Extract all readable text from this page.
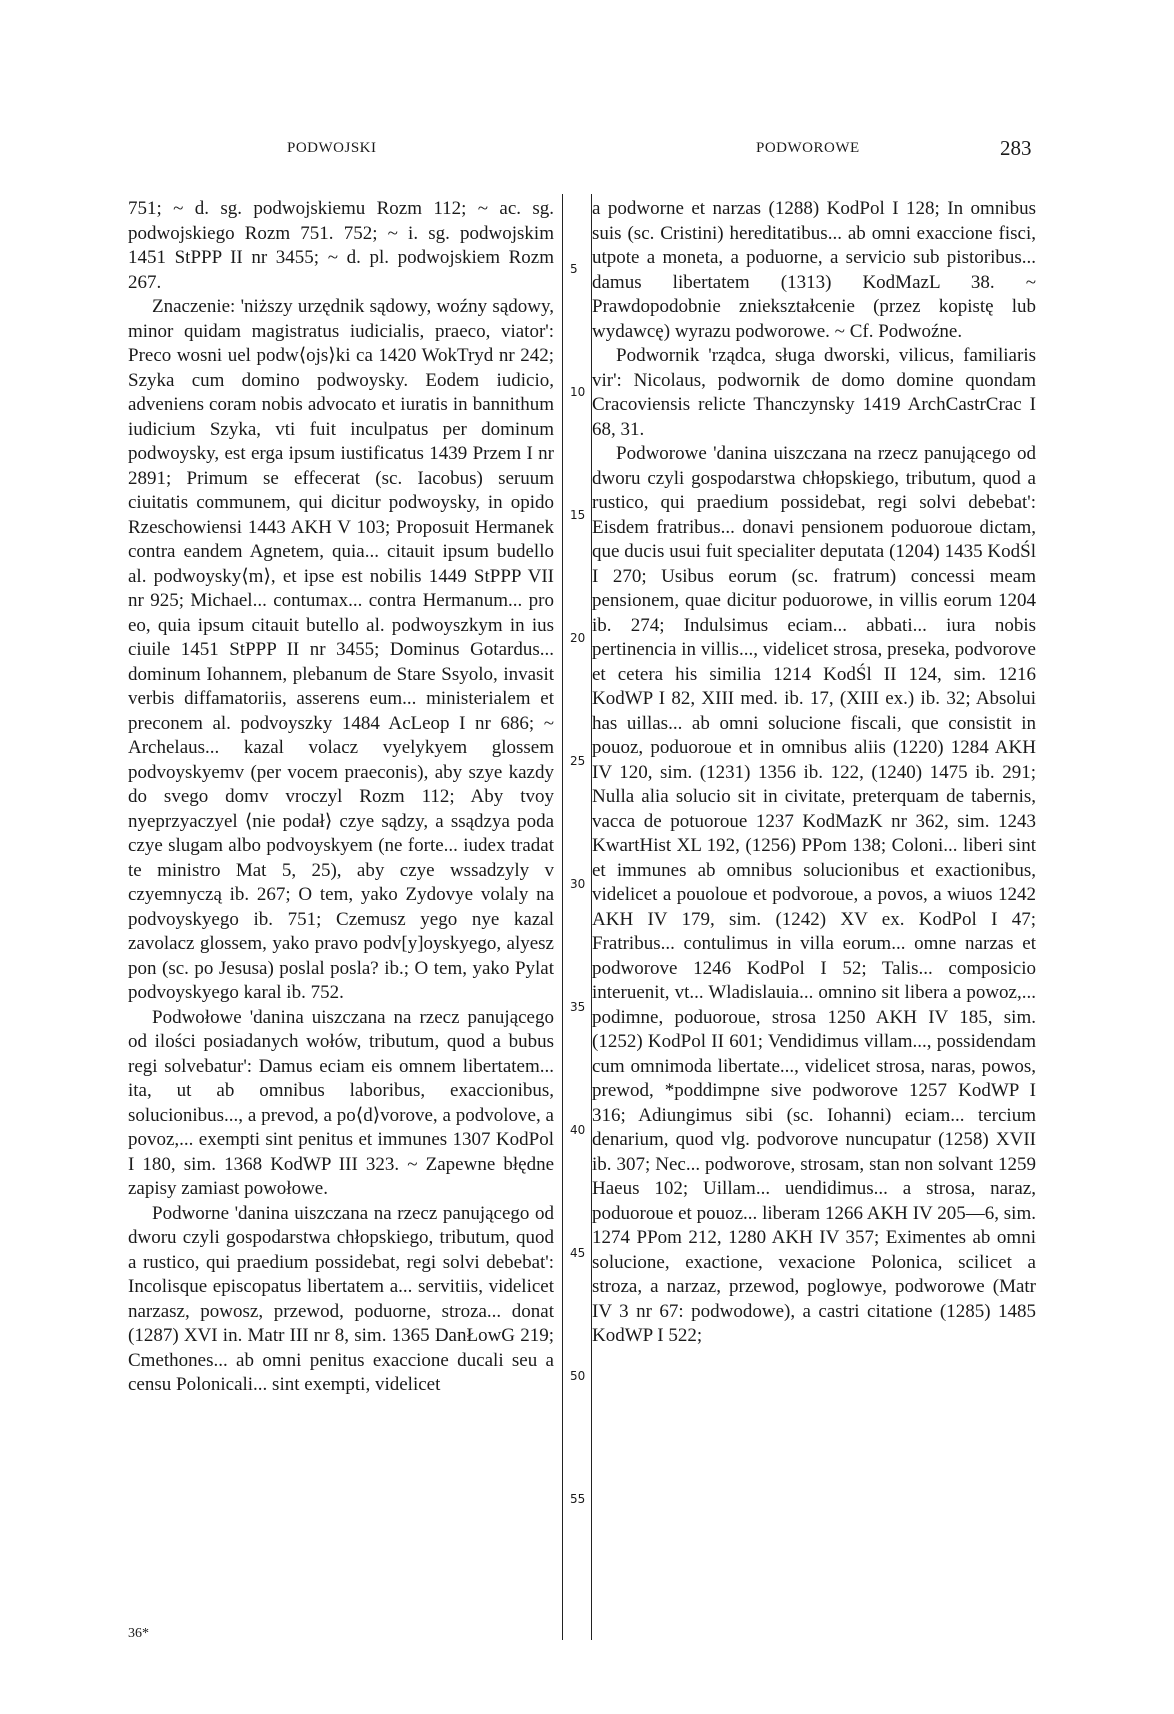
PODWOJSKI	PODWOROWE	283

751; ~ d. sg. podwojskiemu Rozm 112; ~ ac. sg. podwojskiego Rozm 751. 752; ~ i. sg. podwojskim 1451 StPPP II nr 3455; ~ d. pl. podwojskiem Rozm 267.

Znaczenie: 'niższy urzędnik sądowy, woźny sądowy, minor quidam magistratus iudicialis, praeco, viator': Preco wosni uel podw⟨ojs⟩ki ca 1420 WokTryd nr 242; Szyka cum domino podwoysky. Eodem iudicio, adveniens coram nobis advocato et iuratis in bannithum iudicium Szyka, vti fuit inculpatus per dominum podwoysky, est erga ipsum iustificatus 1439 Przem I nr 2891; Primum se effecerat (sc. Iacobus) seruum ciuitatis communem, qui dicitur podwoysky, in opido Rzeschowiensi 1443 AKH V 103; Proposuit Hermanek contra eandem Agnetem, quia... citauit ipsum budello al. podwoysky⟨m⟩, et ipse est nobilis 1449 StPPP VII nr 925; Michael... contumax... contra Hermanum... pro eo, quia ipsum citauit butello al. podwoyszkym in ius ciuile 1451 StPPP II nr 3455; Dominus Gotardus... dominum Iohannem, plebanum de Stare Ssyolo, invasit verbis diffamatoriis, asserens eum... ministerialem et preconem al. podvoyszky 1484 AcLeop I nr 686; ~ Archelaus... kazal volacz vyelykyem glossem podvoyskyemv (per vocem praeconis), aby szye kazdy do svego domv vroczyl Rozm 112; Aby tvoy nyeprzyaczyel ⟨nie podał⟩ czye sądzy, a ssądzya poda czye slugam albo podvoyskyem (ne forte... iudex tradat te ministro Mat 5, 25), aby czye wssadzyly v czyemnyczą ib. 267; O tem, yako Zydovye volaly na podvoyskyego ib. 751; Czemusz yego nye kazal zavolacz glossem, yako pravo podv[y]oyskyego, alyesz pon (sc. po Jesusa) poslal posla? ib.; O tem, yako Pylat podvoyskyego karal ib. 752.

Podwołowe 'danina uiszczana na rzecz panującego od ilości posiadanych wołów, tributum, quod a bubus regi solvebatur': Damus eciam eis omnem libertatem... ita, ut ab omnibus laboribus, exaccionibus, solucionibus..., a prevod, a po⟨d⟩vorove, a podvolove, a povoz,... exempti sint penitus et immunes 1307 KodPol I 180, sim. 1368 KodWP III 323. ~ Zapewne błędne zapisy zamiast powołowe.

Podworne 'danina uiszczana na rzecz panującego od dworu czyli gospodarstwa chłopskiego, tributum, quod a rustico, qui praedium possidebat, regi solvi debebat': Incolisque episcopatus libertatem a... servitiis, videlicet narzasz, powosz, przewod, poduorne, stroza... donat (1287) XVI in. Matr III nr 8, sim. 1365 DanŁowG 219; Cmethones... ab omni penitus exaccione ducali seu a censu Polonicali... sint exempti, videlicet

a podworne et narzas (1288) KodPol I 128; In omnibus suis (sc. Cristini) hereditatibus... ab omni exaccione fisci, utpote a moneta, a poduorne, a servicio sub pistoribus... damus libertatem (1313) KodMazL 38. ~ Prawdopodobnie zniekształcenie (przez kopistę lub wydawcę) wyrazu podworowe. ~ Cf. Podwoźne.

Podwornik 'rządca, sługa dworski, vilicus, familiaris vir': Nicolaus, podwornik de domo domine quondam Cracoviensis relicte Thanczynsky 1419 ArchCastrCrac I 68, 31.

Podworowe 'danina uiszczana na rzecz panującego od dworu czyli gospodarstwa chłopskiego, tributum, quod a rustico, qui praedium possidebat, regi solvi debebat': Eisdem fratribus... donavi pensionem poduoroue dictam, que ducis usui fuit specialiter deputata (1204) 1435 KodŚl I 270; Usibus eorum (sc. fratrum) concessi meam pensionem, quae dicitur poduorowe, in villis eorum 1204 ib. 274; Indulsimus eciam... abbati... iura nobis pertinencia in villis..., videlicet strosa, preseka, podvorove et cetera his similia 1214 KodŚl II 124, sim. 1216 KodWP I 82, XIII med. ib. 17, (XIII ex.) ib. 32; Absolui has uillas... ab omni solucione fiscali, que consistit in pouoz, poduoroue et in omnibus aliis (1220) 1284 AKH IV 120, sim. (1231) 1356 ib. 122, (1240) 1475 ib. 291; Nulla alia solucio sit in civitate, preterquam de tabernis, vacca de potuoroue 1237 KodMazK nr 362, sim. 1243 KwartHist XL 192, (1256) PPom 138; Coloni... liberi sint et immunes ab omnibus solucionibus et exactionibus, videlicet a pouoloue et podvoroue, a povos, a wiuos 1242 AKH IV 179, sim. (1242) XV ex. KodPol I 47; Fratribus... contulimus in villa eorum... omne narzas et podworove 1246 KodPol I 52; Talis... composicio interuenit, vt... Wladislauia... omnino sit libera a powoz,... podimne, poduoroue, strosa 1250 AKH IV 185, sim. (1252) KodPol II 601; Vendidimus villam..., possidendam cum omnimoda libertate..., videlicet strosa, naras, powos, prewod, *poddimpne sive podworove 1257 KodWP I 316; Adiungimus sibi (sc. Iohanni) eciam... tercium denarium, quod vlg. podvorove nuncupatur (1258) XVII ib. 307; Nec... podworove, strosam, stan non solvant 1259 Haeus 102; Uillam... uendidimus... a strosa, naraz, poduoroue et pouoz... liberam 1266 AKH IV 205—6, sim. 1274 PPom 212, 1280 AKH IV 357; Eximentes ab omni solucione, exactione, vexacione Polonica, scilicet a stroza, a narzaz, przewod, poglowye, podworowe (Matr IV 3 nr 67: podwodowe), a castri citatione (1285) 1485 KodWP I 522;

5
10
15
20
25
30
35
40
45
50
55
36*
